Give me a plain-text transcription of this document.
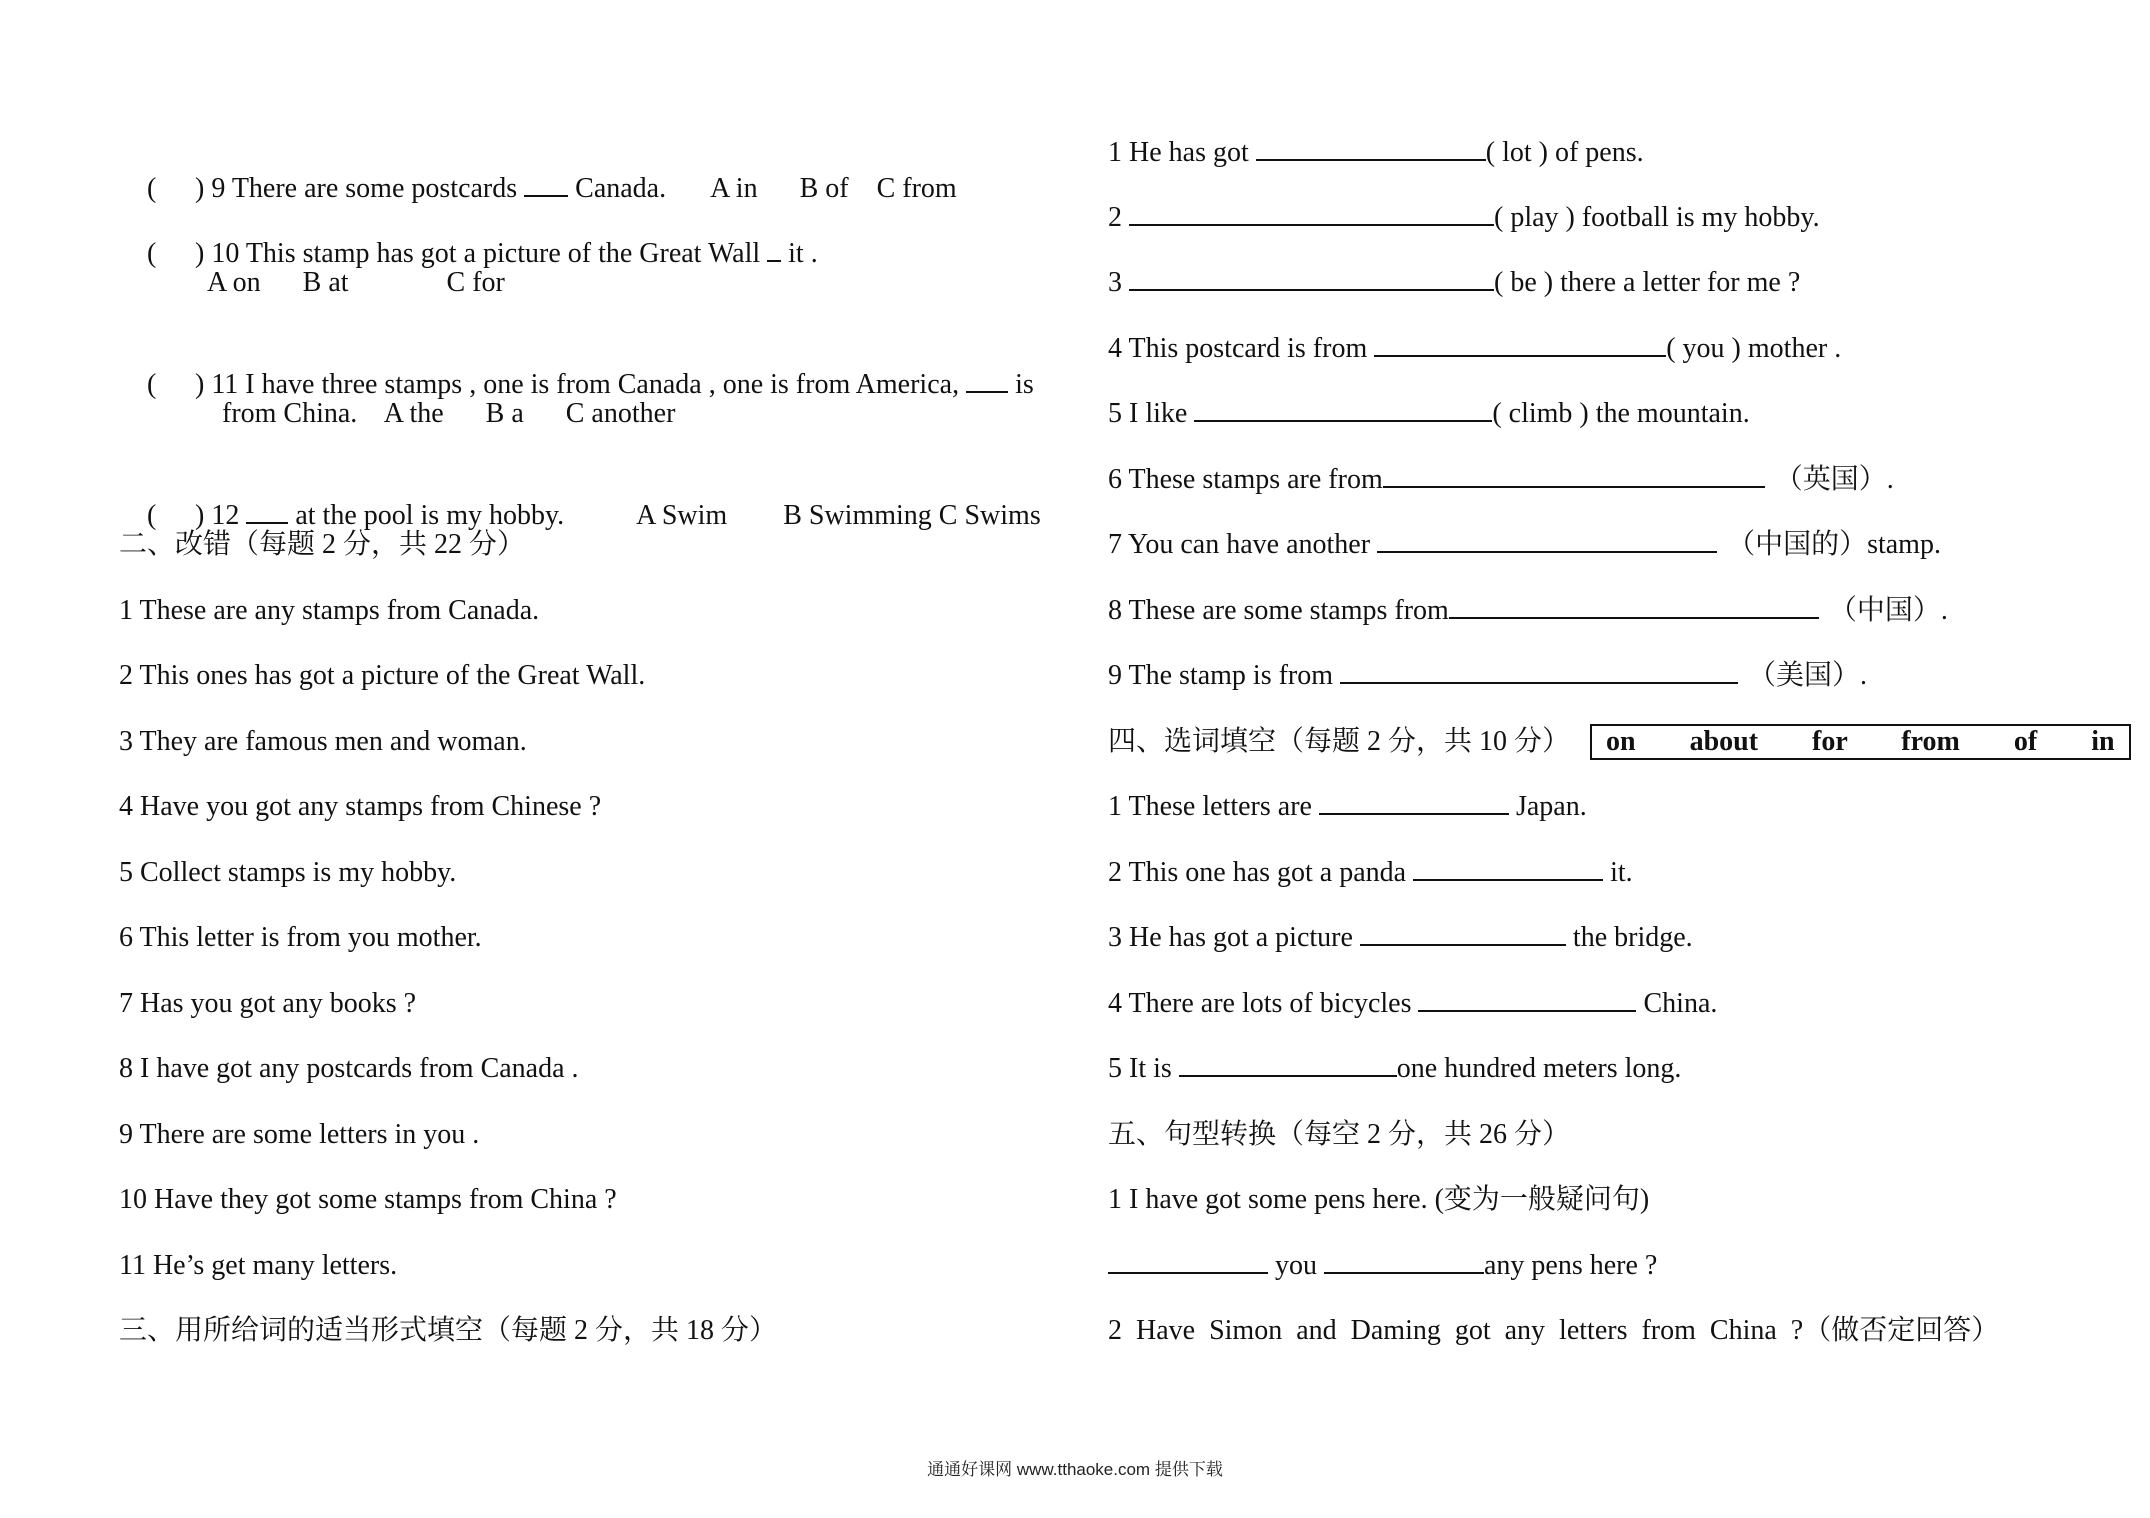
( ) 9 There are some postcards  Canada. A in      B of    C from

( ) 10 This stamp has got a picture of the Great Wall  it .

A on      B at              C for

( ) 11 I have three stamps , one is from Canada , one is from America,  is

from China.    A the      B a      C another

( ) 12  at the pool is my hobby.	A Swim        B Swimming C Swims

二、改错（每题 2 分，共 22 分）
1 These are any stamps from Canada.
2 This ones has got a picture of the Great Wall.
3 They are famous men and woman.
4 Have you got any stamps from Chinese ?
5 Collect stamps is my hobby.
6 This letter is from you mother.
7 Has you got any books ?
8 I have got any postcards from Canada .
9 There are some letters in you .
10 Have they got some stamps from China ?
11 He’s get many letters.
三、用所给词的适当形式填空（每题 2 分，共 18 分）
1 He has got	( lot ) of pens.
2	( play ) football is my hobby.
3	( be ) there a letter for me ?
4 This postcard is from	( you ) mother .
5 I like	( climb ) the mountain.
6 These stamps are from	（英国）.
7 You can have another	（中国的）stamp.
8 These are some stamps from	（中国）.
9 The stamp is from	（美国）.
四、选词填空（每题 2 分，共 10 分） on  about  for  from  of  in
1 These letters are	Japan.
2 This one has got a panda	it.
3 He has got a picture	the bridge.
4 There are lots of bicycles	China.
5 It is	one hundred meters long.
五、句型转换（每空 2 分，共 26 分）
1 I have got some pens here. (变为一般疑问句)
you	any pens here ?
2  Have  Simon  and  Daming  got  any  letters  from  China  ?（做否定回答）
通通好课网 www.tthaoke.com 提供下载
